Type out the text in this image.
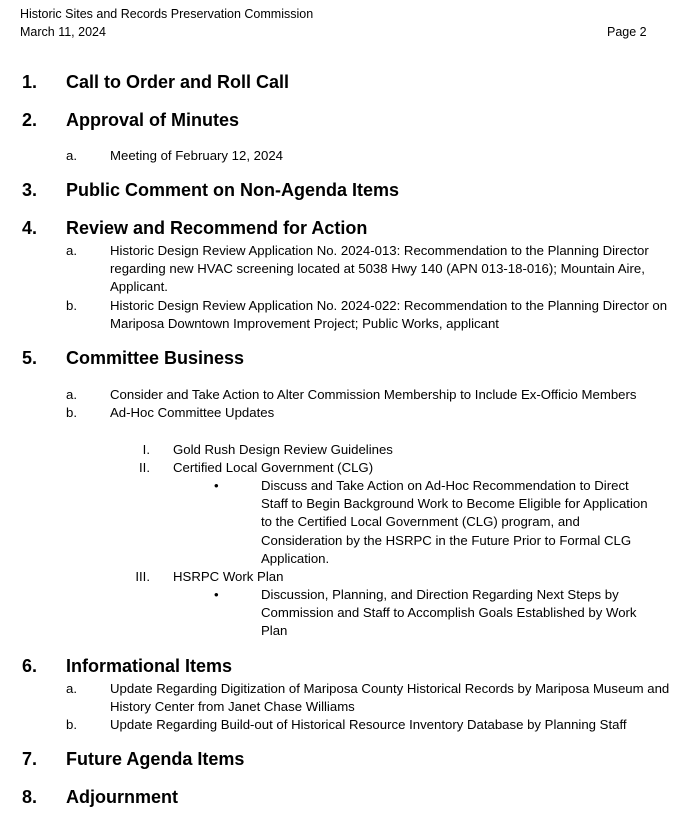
Historic Sites and Records Preservation Commission
March 11, 2024	Page 2
1. Call to Order and Roll Call
2. Approval of Minutes
a.	Meeting of February 12, 2024
3. Public Comment on Non-Agenda Items
4. Review and Recommend for Action
a.	Historic Design Review Application No. 2024-013: Recommendation to the Planning Director regarding new HVAC screening located at 5038 Hwy 140 (APN 013-18-016); Mountain Aire, Applicant.
b.	Historic Design Review Application No. 2024-022: Recommendation to the Planning Director on Mariposa Downtown Improvement Project; Public Works, applicant
5. Committee Business
a.	Consider and Take Action to Alter Commission Membership to Include Ex-Officio Members
b.	Ad-Hoc Committee Updates
I. Gold Rush Design Review Guidelines
II. Certified Local Government (CLG)
•	Discuss and Take Action on Ad-Hoc Recommendation to Direct Staff to Begin Background Work to Become Eligible for Application to the Certified Local Government (CLG) program, and Consideration by the HSRPC in the Future Prior to Formal CLG Application.
III. HSRPC Work Plan
•	Discussion, Planning, and Direction Regarding Next Steps by Commission and Staff to Accomplish Goals Established by Work Plan
6. Informational Items
a.	Update Regarding Digitization of Mariposa County Historical Records by Mariposa Museum and History Center from Janet Chase Williams
b.	Update Regarding Build-out of Historical Resource Inventory Database by Planning Staff
7. Future Agenda Items
8. Adjournment
